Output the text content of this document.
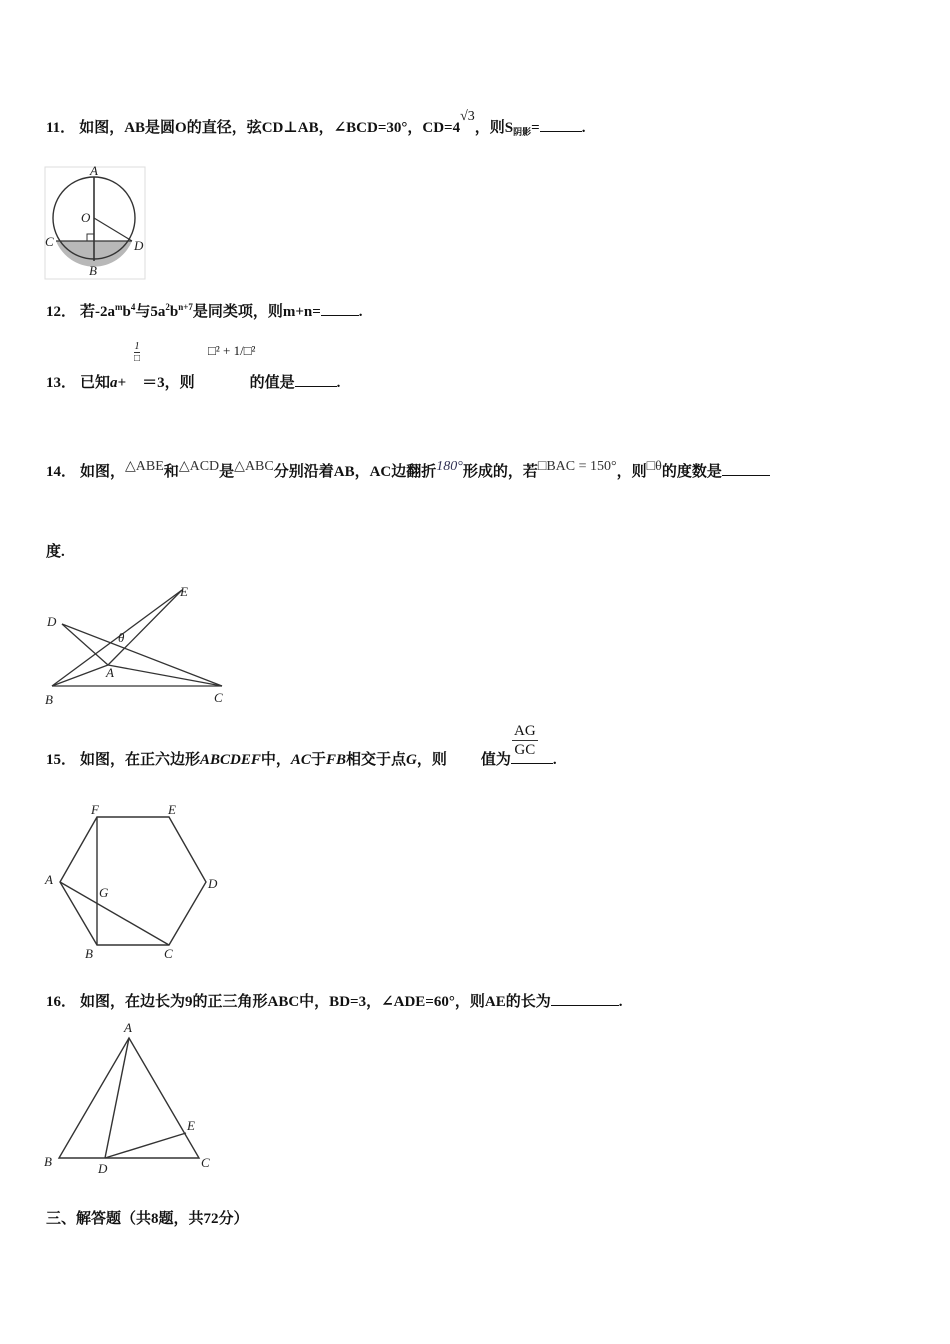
11． 如图，AB是圆O的直径，弦CD⊥AB，∠BCD=30°，CD=4√3，则$S_{阴影}=$	.
A
O
C	D
B
12． 若$-2a^mb^4$与$5a^2b^{n+7}$是同类项，则m+n=	.
1
□
□² + 1/□²
13． 已知a+ ＝3，则	的值是	.
14． 如图，△ABE和△ACD是△ABC分别沿着AB，AC边翻折180°形成的，若□BAC = 150°，则□θ的度数是
度.
D
E
θ
A
B	C
15． 如图，在正六边形ABCDEF中，AC于FB相交于点G，则 值为	.
$\frac{AG}{GC}$
F	E
A
G
D
B	C
16． 如图，在边长为9的正三角形ABC中，BD=3，∠ADE=60°，则AE的长为	.
A
E
B	D	C
三、解答题（共8题，共72分）
